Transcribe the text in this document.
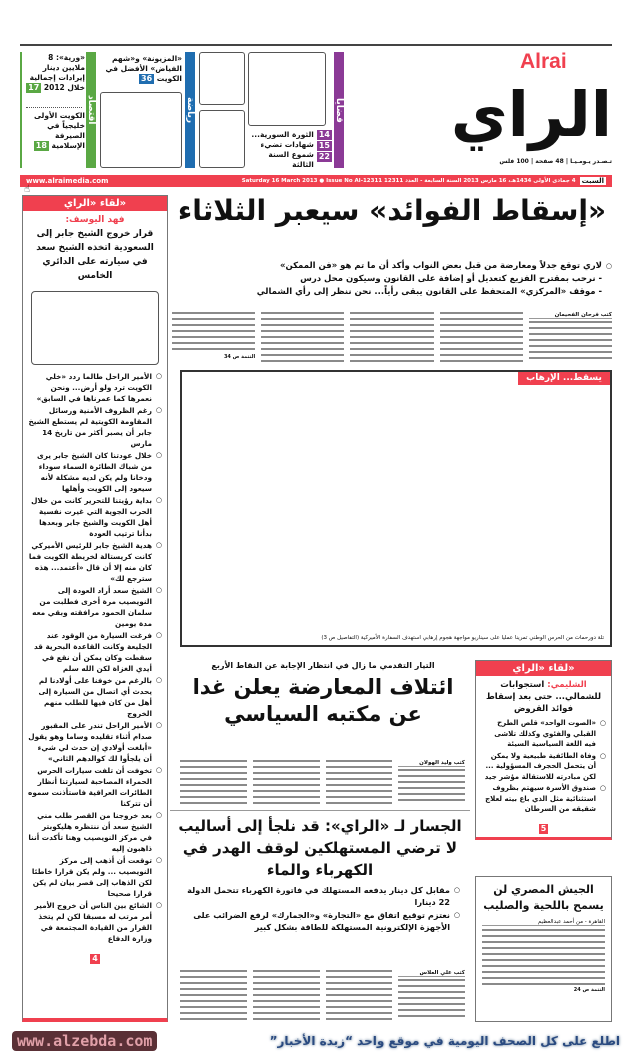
Alrai
الراي
تـصـدر يـومـيـا | 48 صفحة | 100 فلس
قضايا
14
15
22
الثورة السورية... شهادات تضيء شموع السنة الثالثة
رياضة
«المزيونة» و«شهم الفياض» الأفضل في الكويت 36
اقتصاد
«ورية»: 8 ملايين دينار إيرادات إجمالية خلال 2012 17
الكويت الأولى خليجياً في الصيرفة الإسلامية 18
www.alraimedia.com	4 جمادى الأولى 1434هـ، 16 مارس 2013 السنة السابعة - العدد 12311 Saturday 16 March 2013 ● Issue No Al-12311 السبت
☝
لقاء «الراي»
فهد اليوسف:
قرار خروج الشيخ جابر إلى السعودية اتخذه الشيخ سعد في سيارته على الدائري الخامس
○ الأمير الراحل طالما ردد «خلي الكويت ترد ولو أرض... ونحن نعمرها كما عمرناها في السابق»
○ رغم الظروف الأمنية ورسائل المقاومة الكويتية لم يستطع الشيخ جابر أن يصبر أكثر من تاريخ 14 مارس
○ خلال عودتنا كان الشيخ جابر يرى من شباك الطائرة السماء سوداء ودخانا ولم يكن لديه مشكلة لأنه سيعود إلى الكويت وأهلها
○ بداية رؤيتنا للتحرير كانت من خلال الحرب الجوية التي غيرت نفسية أهل الكويت والشيخ جابر وبعدها بدأنا ترتيب العودة
○ هدية الشيخ جابر للرئيس الأميركي كانت كريستالة لخريطة الكويت فما كان منه إلا أن قال «أعتمد... هذه سترجع لك»
○ الشيخ سعد أراد العودة إلى النويصيب مرة أخرى فطلبت من سلمان الحمود مرافقته وبقي معه مدة يومين
○ فرغت السيارة من الوقود عند الجليعة وكانت القاعدة البحرية قد سقطت وكان يمكن أن نقع في أيدي الغزاة لكن الله سلم
○ بالرغم من خوفنا على أولادنا لم يحدث أي اتصال من السيارة إلى أهل من كان فيها للطلب منهم الخروج
○ الأمير الراحل تندر على المقبور صدام أثناء تقليده وساما وهو يقول «أبلغت أولادي إن حدث لي شيء أن يلجأوا لك كوالدهم الثاني»
○ تخوفت أن تلفت سيارات الحرس الحمراء المصاحبة لسيارتنا أنظار الطائرات العراقية فاستأذنت سموه أن تتركنا
○ بعد خروجنا من القصر طلب مني الشيخ سعد أن ننتظره هليكوبتر في مركز النويصيب وهنا تأكدت أننا ذاهبون إليه
○ توقعت أن أذهب إلى مركز النويصيب ... ولم يكن قرارا خاطئا لكن الذهاب إلى قصر بيان لم يكن قرارا صحيحا
○ الشائع بين الناس أن خروج الأمير أمر مرتب له مسبقا لكن لم يتخذ القرار من القيادة المجتمعة في وزارة الدفاع
4
«إسقاط الفوائد» سيعبر الثلاثاء
○ لاري توقع جدلاً ومعارضة من قبل بعض النواب وأكد أن ما تم هو «فن الممكن»
- نرحب بمقترح الفزيع كتعديل أو إضافة على القانون وسيكون محل درس
- موقف «المركزي» المتحفظ على القانون يبقى رأياً... نحن ننظر إلى رأي الشمالي
كتب فرحان الفحيمان
التتمة ص 34
يسقط... الإرهاب
تلة دورحمات من الحرس الوطني تمرينا عمليا على سيناريو مواجهة هجوم إرهابي استهدف السفارة الأميركية (التفاصيل ص 3)
التيار التقدمي ما زال في انتظار الإجابة عن النقاط الأربع
ائتلاف المعارضة يعلن غدا عن مكتبه السياسي
كتب وليد الهولان
لقاء «الراي»
الشليمي: استجوابات للشمالي... حتى بعد إسقاط فوائد القروض
○ «الصوت الواحد» قلص الطرح القبلي والفئوي وكذلك تلاشى فيه اللغة السياسية السيئة
○ وفاة الطائفية طبيعية ولا يمكن أن يتحمل الحجرف المسؤولية ... لكن مبادرته للاستقالة مؤشر جيد
○ صندوق الأسرة سيهتم بظروف استثنائية مثل الذي باع بيته لعلاج شقيقه من السرطان
5
الجسار لـ «الراي»: قد نلجأ إلى أساليب لا ترضي المستهلكين لوقف الهدر في الكهرباء والماء
○ مقابل كل دينار يدفعه المستهلك في فاتورة الكهرباء تتحمل الدولة 22 دينارا
○ نعتزم توقيع اتفاق مع «التجارة» و«الجمارك» لرفع الضرائب على الأجهزة الإلكترونية المستهلكة للطاقة بشكل كبير
كتب علي العلاس
الجيش المصري لن يسمح باللحية والصليب
القاهرة - من أحمد عبدالعظيم
التتمة ص 24
www.alzebda.com	اطلع على كل الصحف اليومية في موقع واحد “زبدة الأخبار”
